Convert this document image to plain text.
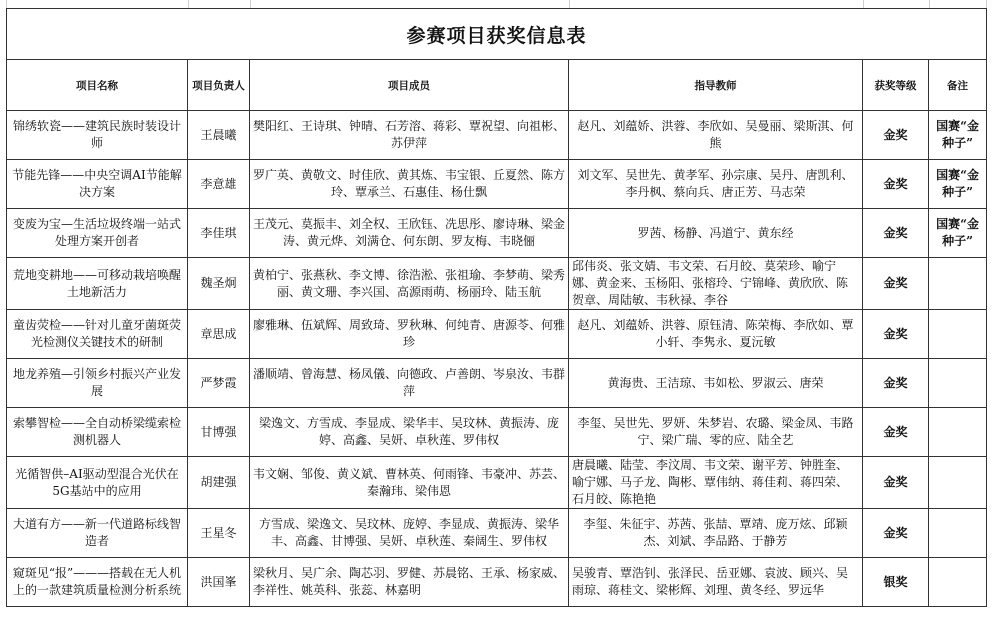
参赛项目获奖信息表					
项目名称	项目负责人	项目成员	指导教师	获奖等级	备注
锦绣软瓷——建筑民族时装设计师	王晨曦	樊阳红、王诗琪、钟晴、石芳溶、蒋彩、覃祝望、向祖彬、苏伊萍	赵凡、刘蕴娇、洪蓉、李欣如、吴曼丽、梁斯淇、何熊	金奖	国赛“金种子”
节能先锋——中央空调AI节能解决方案	李意雄	罗广英、黄敬文、时佳欣、黄其炼、韦宝银、丘夏然、陈方玲、覃承兰、石惠佳、杨仕飘	刘文军、吴世先、黄孝军、孙宗康、吴丹、唐凯利、李丹枫、蔡向兵、唐正芳、马志荣	金奖	国赛“金种子”
变废为宝—生活垃圾终端一站式处理方案开创者	李佳琪	王茂元、莫振丰、刘全权、王欣钰、冼思彤、廖诗琳、梁金涛、黄元烨、刘满仓、何东朗、罗友梅、韦晓俪	罗茜、杨静、冯道宁、黄东经	金奖	国赛“金种子”
荒地变耕地——可移动栽培唤醒土地新活力	魏圣炯	黄柏宁、张燕秋、李文博、徐浩淞、张祖瑜、李梦萌、梁秀丽、黄文珊、李兴国、高源雨萌、杨丽玲、陆玉航	邱伟炎、张文婧、韦文荣、石月皎、莫荣珍、喻宁娜、黄金来、玉杨阳、张榕玲、宁锦峰、黄欣欣、陈贺章、周陆敏、韦秋禄、李谷	金奖	
童齿荧检——针对儿童牙菌斑荧光检测仪关键技术的研制	章思成	廖雅琳、伍斌辉、周致琦、罗秋琳、何纯青、唐源苓、何雅珍	赵凡、刘蕴娇、洪蓉、原钰清、陈荣梅、李欣如、覃小轩、李隽永、夏沅敏	金奖	
地龙养殖—引领乡村振兴产业发展	严梦霞	潘顺靖、曾海慧、杨凤儀、向德政、卢善朗、岑泉汝、韦群萍	黄海贵、王洁琼、韦如松、罗淑云、唐荣	金奖	
索攀智检——全自动桥梁缆索检测机器人	甘博强	梁逸文、方雪成、李显成、梁华丰、吴玟林、黄振涛、庞婷、高鑫、吴妍、卓秋莲、罗伟权	李玺、吴世先、罗妍、朱梦岩、农璐、梁金凤、韦路宁、梁广瑞、零的应、陆全艺	金奖	
光循智供–AI驱动型混合光伏在5G基站中的应用	胡建强	韦文娴、邹俊、黄义斌、曹林英、何雨锋、韦豪冲、苏芸、秦瀚玮、梁伟恩	唐晨曦、陆莹、李汶周、韦文荣、谢平芳、钟胜奎、喻宁娜、马子龙、陶彬、覃伟纳、蒋佳莉、蒋四荣、石月皎、陈艳艳	金奖	
大道有方——新一代道路标线智造者	王星冬	方雪成、梁逸文、吴玟林、庞婷、李显成、黄振涛、梁华丰、高鑫、甘博强、吴妍、卓秋莲、秦阔生、罗伟权	李玺、朱征宇、苏茜、张喆、覃靖、庞万炫、邱颖杰、刘斌、李品路、于静芳	金奖	
窥斑见“报”———搭载在无人机上的一款建筑质量检测分析系统	洪国峯	梁秋月、吴广余、陶芯羽、罗健、苏晨铭、王承、杨家威、李祥性、姚英科、张蕊、林嘉明	吴骏青、覃浩钊、张泽民、岳亚娜、袁波、顾兴、吴雨琼、蒋桂文、梁彬辉、刘理、黄冬经、罗远华	银奖	
